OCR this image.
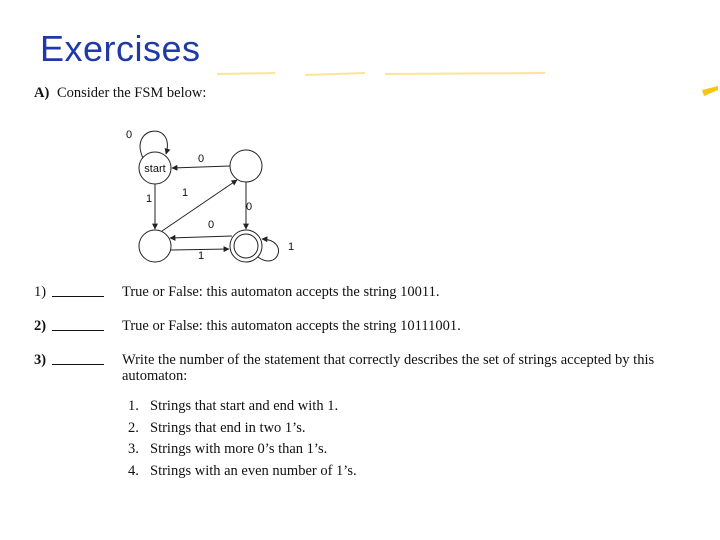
Exercises
A) Consider the FSM below:
start
0
0
1	1
0
0
1
1
1)	True or False: this automaton accepts the string 10011.
2)	True or False: this automaton accepts the string 10111001.
3)	Write the number of the statement that correctly describes the set of strings accepted by this automaton:
1. Strings that start and end with 1.
2. Strings that end in two 1’s.
3. Strings with more 0’s than 1’s.
4. Strings with an even number of 1’s.
